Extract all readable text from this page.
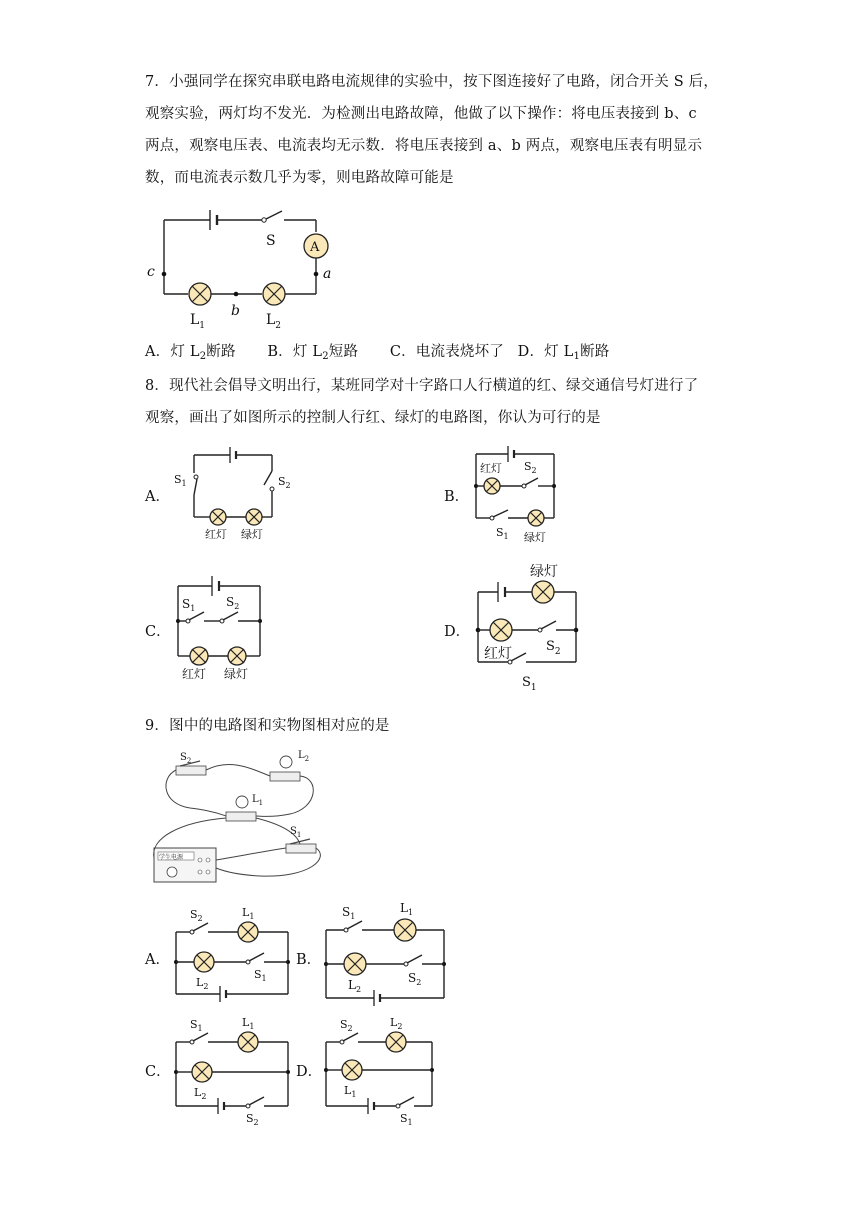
7．小强同学在探究串联电路电流规律的实验中，按下图连接好了电路，闭合开关 S 后，
观察实验，两灯均不发光．为检测出电路故障，他做了以下操作：将电压表接到 b、c
两点，观察电压表、电流表均无示数．将电压表接到 a、b 两点，观察电压表有明显示
数，而电流表示数几乎为零，则电路故障可能是
A
S
c	a
b
$L_1$	$L_2$
A．灯 $L_2$断路 B．灯 $L_2$短路 C．电流表烧坏了 D．灯 $L_1$断路
8．现代社会倡导文明出行，某班同学对十字路口人行横道的红、绿交通信号灯进行了
观察，画出了如图所示的控制人行红、绿灯的电路图，你认为可行的是
A．
$S_1$	$S_2$
红灯 绿灯
B．
红灯 $S_2$
$S_1$ 绿灯
C．
$S_1$	$S_2$
红灯 绿灯
D．
绿灯
红灯	$S_2$
$S_1$
9．图中的电路图和实物图相对应的是
学生电源
$S_2$	$L_2$
$L_1$
$S_1$
A．
$S_2$	$L_1$
$L_2$
$S_1$
B．
$S_1$
$L_1$
$L_2$
$S_2$
C．
$S_1$	$L_1$
$L_2$
$S_2$
D．
$S_2$	$L_2$
$L_1$
$S_1$
